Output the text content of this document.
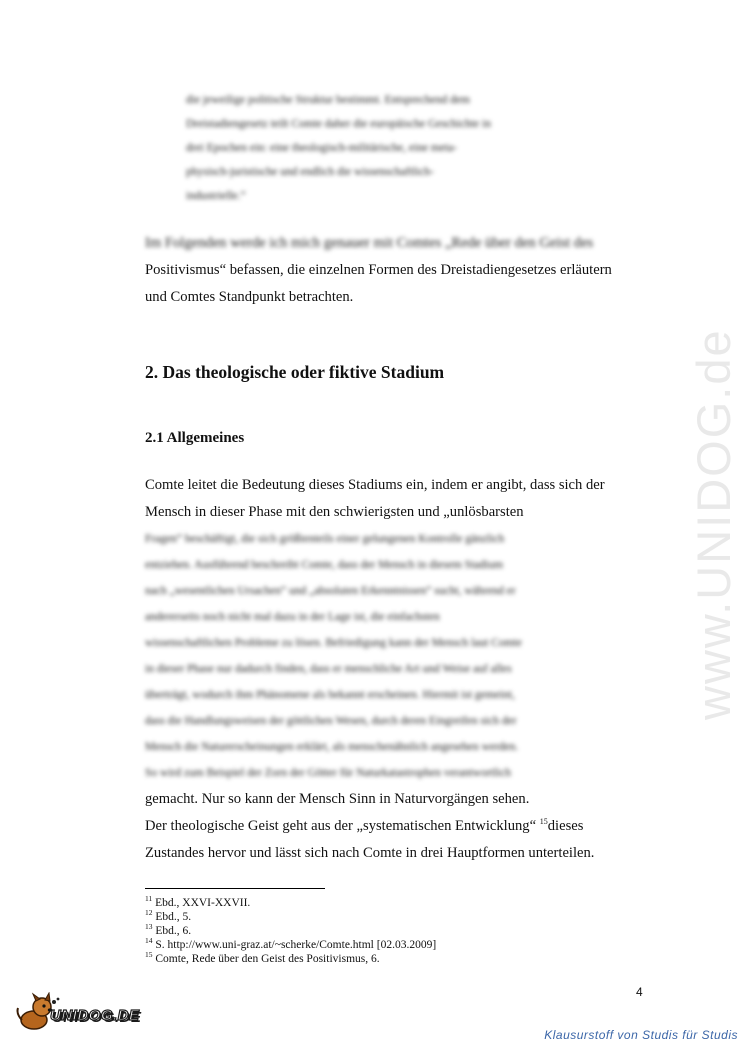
www.UNIDOG.de
die jeweilige politische Struktur bestimmt. Entsprechend dem
Dreistadiengesetz teilt Comte daher die europäische Geschichte in
drei Epochen ein: eine theologisch-militärische, eine meta-
physisch-juristische und endlich die wissenschaftlich-
industrielle.“
Im Folgenden werde ich mich genauer mit Comtes „Rede über den Geist des
Positivismus“ befassen, die einzelnen Formen des Dreistadiengesetzes erläutern
und Comtes Standpunkt betrachten.
2. Das theologische oder fiktive Stadium
2.1 Allgemeines
Comte leitet die Bedeutung dieses Stadiums ein, indem er angibt, dass sich der
Mensch in dieser Phase mit den schwierigsten und „unlösbarsten
Fragen“ beschäftigt, die sich größtenteils einer gelungenen Kontrolle gänzlich
entziehen. Ausführend beschreibt Comte, dass der Mensch in diesem Stadium
nach „wesentlichen Ursachen“ und „absoluten Erkenntnissen“ sucht, während er
andererseits noch nicht mal dazu in der Lage ist, die einfachsten
wissenschaftlichen Probleme zu lösen. Befriedigung kann der Mensch laut Comte
in dieser Phase nur dadurch finden, dass er menschliche Art und Weise auf alles
überträgt, wodurch ihm Phänomene als bekannt erscheinen. Hiermit ist gemeint,
dass die Handlungsweisen der göttlichen Wesen, durch deren Eingreifen sich der
Mensch die Naturerscheinungen erklärt, als menschenähnlich angesehen werden.
So wird zum Beispiel der Zorn der Götter für Naturkatastrophen verantwortlich
gemacht. Nur so kann der Mensch Sinn in Naturvorgängen sehen.
Der theologische Geist geht aus der „systematischen Entwicklung“ $^{15}$dieses
Zustandes hervor und lässt sich nach Comte in drei Hauptformen unterteilen.
$^{11}$ Ebd., XXVI-XXVII.
$^{12}$ Ebd., 5.
$^{13}$ Ebd., 6.
$^{14}$ S. http://www.uni-graz.at/~scherke/Comte.html [02.03.2009]
$^{15}$ Comte, Rede über den Geist des Positivismus, 6.
4
UNIDOG.DE
Klausurstoff von Studis für Studis
